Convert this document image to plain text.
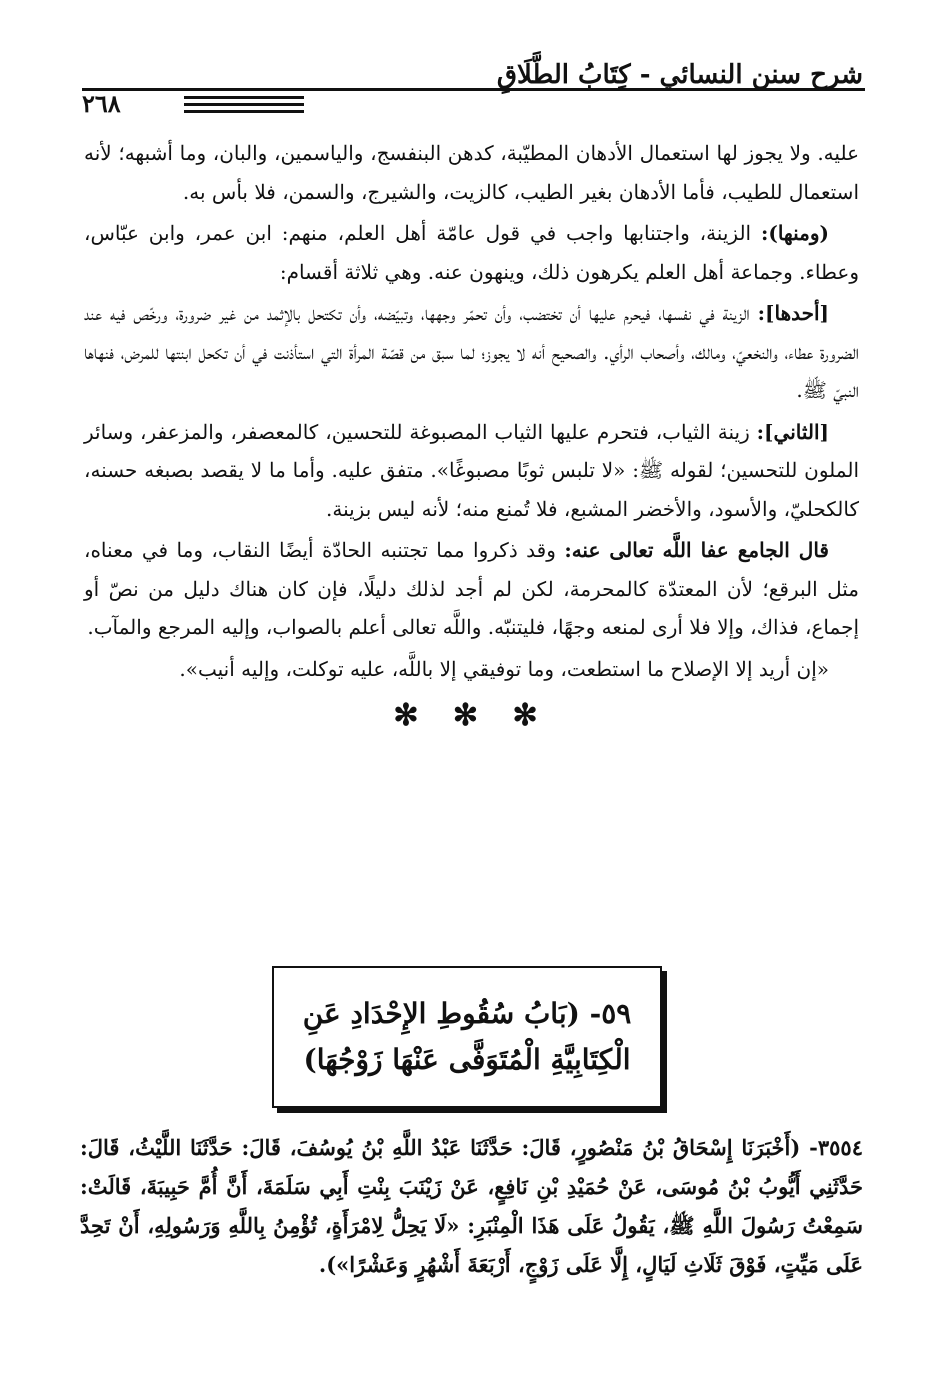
شرح سنن النسائي - كِتَابُ الطَّلَاقِ
٢٦٨

عليه. ولا يجوز لها استعمال الأدهان المطيّبة، كدهن البنفسج، والياسمين، والبان، وما أشبهه؛ لأنه استعمال للطيب، فأما الأدهان بغير الطيب، كالزيت، والشيرج، والسمن، فلا بأس به.

(ومنها): الزينة، واجتنابها واجب في قول عامّة أهل العلم، منهم: ابن عمر، وابن عبّاس، وعطاء. وجماعة أهل العلم يكرهون ذلك، وينهون عنه. وهي ثلاثة أقسام:

[أحدها]: الزينة في نفسها، فيحرم عليها أن تختضب، وأن تحمّر وجهها، وتبيّضه، وأن تكتحل بالإثمد من غير ضرورة، ورخّص فيه عند الضرورة عطاء، والنخعيّ، ومالك، وأصحاب الرأي. والصحيح أنه لا يجوز؛ لما سبق من قصّة المرأة التي استأذنت في أن تكحل ابنتها للمرض، فنهاها النبيّ ﷺ.

[الثاني]: زينة الثياب، فتحرم عليها الثياب المصبوغة للتحسين، كالمعصفر، والمزعفر، وسائر الملون للتحسين؛ لقوله ﷺ: «لا تلبس ثوبًا مصبوغًا». متفق عليه. وأما ما لا يقصد بصبغه حسنه، كالكحليّ، والأسود، والأخضر المشبع، فلا تُمنع منه؛ لأنه ليس بزينة.

قال الجامع عفا اللَّه تعالى عنه: وقد ذكروا مما تجتنبه الحادّة أيضًا النقاب، وما في معناه، مثل البرقع؛ لأن المعتدّة كالمحرمة، لكن لم أجد لذلك دليلًا، فإن كان هناك دليل من نصّ أو إجماع، فذاك، وإلا فلا أرى لمنعه وجهًا، فليتنبّه. واللَّه تعالى أعلم بالصواب، وإليه المرجع والمآب.

«إن أريد إلا الإصلاح ما استطعت، وما توفيقي إلا باللَّه، عليه توكلت، وإليه أنيب».

✻ ✻ ✻
٥٩- (بَابُ سُقُوطِ الإِحْدَادِ عَنِ
الْكِتَابِيَّةِ الْمُتَوَفَّى عَنْهَا زَوْجُهَا)

٣٥٥٤- (أَخْبَرَنَا إِسْحَاقُ بْنُ مَنْصُورٍ، قَالَ: حَدَّثَنَا عَبْدُ اللَّهِ بْنُ يُوسُفَ، قَالَ: حَدَّثَنَا اللَّيْثُ، قَالَ: حَدَّثَنِي أَيُّوبُ بْنُ مُوسَى، عَنْ حُمَيْدِ بْنِ نَافِعٍ، عَنْ زَيْنَبَ بِنْتِ أَبِي سَلَمَةَ، أَنَّ أُمَّ حَبِيبَةَ، قَالَتْ: سَمِعْتُ رَسُولَ اللَّهِ ﷺ، يَقُولُ عَلَى هَذَا الْمِنْبَرِ: «لَا يَحِلُّ لِامْرَأَةٍ، تُؤْمِنُ بِاللَّهِ وَرَسُولِهِ، أَنْ تَحِدَّ عَلَى مَيِّتٍ، فَوْقَ ثَلَاثِ لَيَالٍ، إِلَّا عَلَى زَوْجٍ، أَرْبَعَةَ أَشْهُرٍ وَعَشْرًا»).
